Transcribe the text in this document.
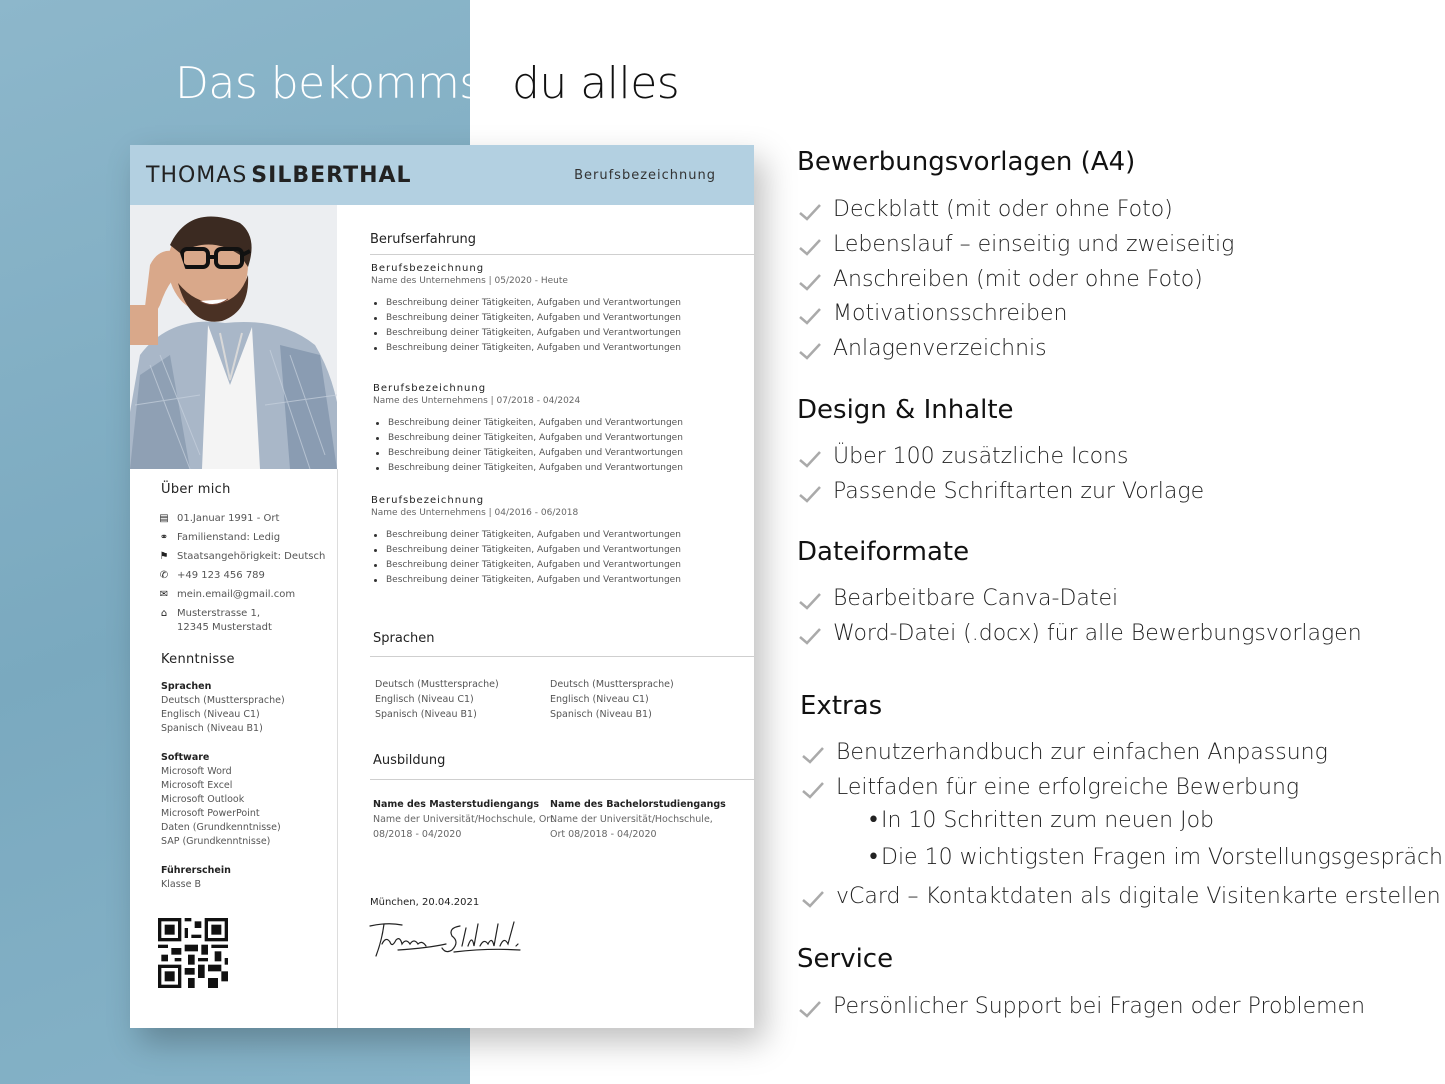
Das bekommst du alles
THOMAS SILBERTHAL	Berufsbezeichnung
Über mich
▤ 01.Januar 1991 - Ort
⚭ Familienstand: Ledig
⚑ Staatsangehörigkeit: Deutsch
✆ +49 123 456 789
✉ mein.email@gmail.com
⌂ Musterstrasse 1,
12345 Musterstadt
Kenntnisse
Sprachen
Deutsch (Musttersprache)
Englisch (Niveau C1)
Spanisch (Niveau B1)
Software
Microsoft Word
Microsoft Excel
Microsoft Outlook
Microsoft PowerPoint
Daten (Grundkenntnisse)
SAP (Grundkenntnisse)
Führerschein
Klasse B
Berufserfahrung
Berufsbezeichnung
Name des Unternehmens | 05/2020 - Heute
Beschreibung deiner Tätigkeiten, Aufgaben und Verantwortungen
Beschreibung deiner Tätigkeiten, Aufgaben und Verantwortungen
Beschreibung deiner Tätigkeiten, Aufgaben und Verantwortungen
Beschreibung deiner Tätigkeiten, Aufgaben und Verantwortungen
Berufsbezeichnung
Name des Unternehmens | 07/2018 - 04/2024
Beschreibung deiner Tätigkeiten, Aufgaben und Verantwortungen
Beschreibung deiner Tätigkeiten, Aufgaben und Verantwortungen
Beschreibung deiner Tätigkeiten, Aufgaben und Verantwortungen
Beschreibung deiner Tätigkeiten, Aufgaben und Verantwortungen
Berufsbezeichnung
Name des Unternehmens | 04/2016 - 06/2018
Beschreibung deiner Tätigkeiten, Aufgaben und Verantwortungen
Beschreibung deiner Tätigkeiten, Aufgaben und Verantwortungen
Beschreibung deiner Tätigkeiten, Aufgaben und Verantwortungen
Beschreibung deiner Tätigkeiten, Aufgaben und Verantwortungen
Sprachen
Deutsch (Musttersprache)
Englisch (Niveau C1)
Spanisch (Niveau B1)
Deutsch (Musttersprache)
Englisch (Niveau C1)
Spanisch (Niveau B1)
Ausbildung
Name des Masterstudiengangs
Name der Universität/Hochschule, Ort
08/2018 - 04/2020
Name des Bachelorstudiengangs
Name der Universität/Hochschule,
Ort 08/2018 - 04/2020
München, 20.04.2021
Bewerbungsvorlagen (A4)
Deckblatt (mit oder ohne Foto)
Lebenslauf – einseitig und zweiseitig
Anschreiben (mit oder ohne Foto)
Motivationsschreiben
Anlagenverzeichnis
Design & Inhalte
Über 100 zusätzliche Icons
Passende Schriftarten zur Vorlage
Dateiformate
Bearbeitbare Canva-Datei
Word-Datei (.docx) für alle Bewerbungsvorlagen
Extras
Benutzerhandbuch zur einfachen Anpassung
Leitfaden für eine erfolgreiche Bewerbung
• In 10 Schritten zum neuen Job
• Die 10 wichtigsten Fragen im Vorstellungsgespräch
vCard – Kontaktdaten als digitale Visitenkarte erstellen
Service
Persönlicher Support bei Fragen oder Problemen
